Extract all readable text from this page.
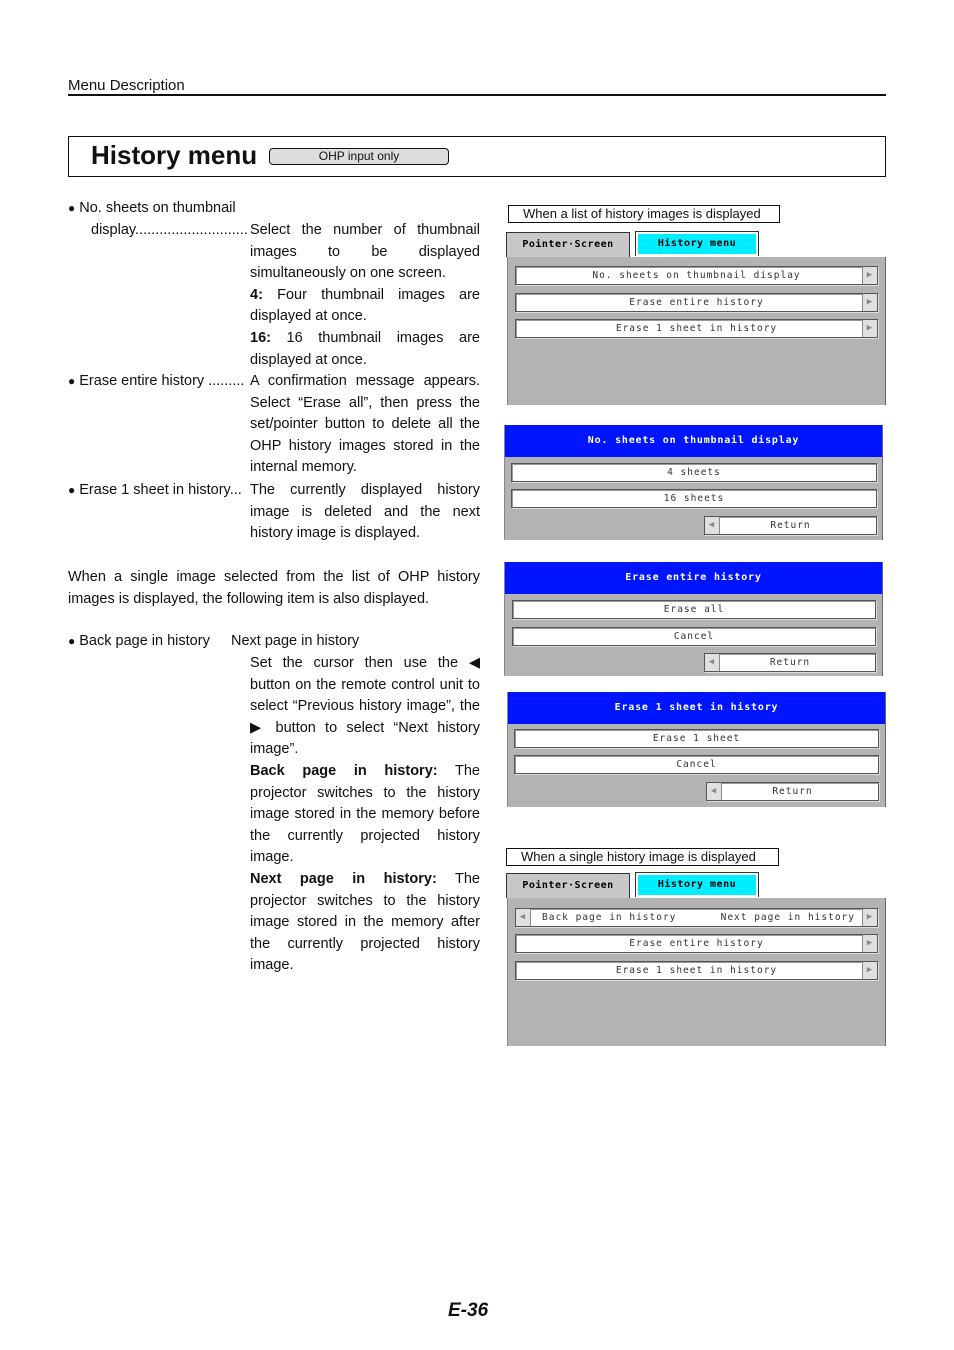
Menu Description
History menu	OHP input only
● No. sheets on thumbnail
display............................ Select the number of thumbnail images to be displayed simultaneously on one screen.

4: Four thumbnail images are displayed at once.

16: 16 thumbnail images are displayed at once.

● Erase entire history ......... A confirmation message appears. Select “Erase all”, then press the set/pointer button to delete all the OHP history images stored in the internal memory.

● Erase 1 sheet in history... The currently displayed history image is deleted and the next history image is displayed.

When a single image selected from the list of OHP history images is displayed, the following item is also displayed.
● Back page in history Next page in history

Set the cursor then use the ◀ button on the remote control unit to select “Previous history image”, the ▶ button to select “Next history image”.

Back page in history: The projector switches to the history image stored in the memory before the currently projected history image.

Next page in history: The projector switches to the history image stored in the memory after the currently projected history image.

When a list of history images is displayed
Pointer·Screen	History menu
No. sheets on thumbnail display	▶
Erase entire history	▶
Erase 1 sheet in history	▶
No. sheets on thumbnail display
4 sheets
16 sheets
◀	Return
Erase entire history
Erase all
Cancel
◀	Return
Erase 1 sheet in history
Erase 1 sheet
Cancel
◀	Return
When a single history image is displayed
Pointer·Screen	History menu
◀	Back page in history	Next page in history	▶
Erase entire history	▶
Erase 1 sheet in history	▶
E-36
